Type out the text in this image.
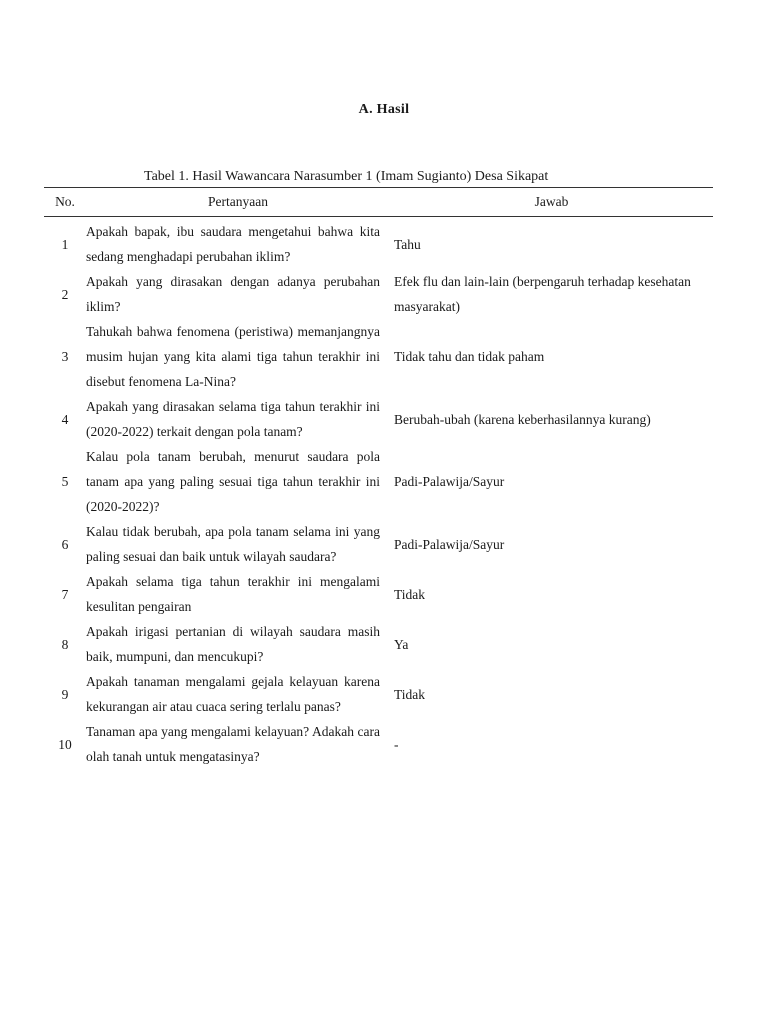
A. Hasil
Tabel 1. Hasil Wawancara Narasumber 1 (Imam Sugianto) Desa Sikapat
No.	Pertanyaan	Jawab
1	Apakah bapak, ibu saudara mengetahui bahwa kita sedang menghadapi perubahan iklim?	Tahu
2	Apakah yang dirasakan dengan adanya perubahan iklim?	Efek flu dan lain-lain (berpengaruh terhadap kesehatan masyarakat)
3	Tahukah bahwa fenomena (peristiwa) memanjangnya musim hujan yang kita alami tiga tahun terakhir ini disebut fenomena La-Nina?	Tidak tahu dan tidak paham
4	Apakah yang dirasakan selama tiga tahun terakhir ini (2020-2022) terkait dengan pola tanam?	Berubah-ubah (karena keberhasilannya kurang)
5	Kalau pola tanam berubah, menurut saudara pola tanam apa yang paling sesuai tiga tahun terakhir ini (2020-2022)?	Padi-Palawija/Sayur
6	Kalau tidak berubah, apa pola tanam selama ini yang paling sesuai dan baik untuk wilayah saudara?	Padi-Palawija/Sayur
7	Apakah selama tiga tahun terakhir ini mengalami kesulitan pengairan	Tidak
8	Apakah irigasi pertanian di wilayah saudara masih baik, mumpuni, dan mencukupi?	Ya
9	Apakah tanaman mengalami gejala kelayuan karena kekurangan air atau cuaca sering terlalu panas?	Tidak
10	Tanaman apa yang mengalami kelayuan? Adakah cara olah tanah untuk mengatasinya?	-
